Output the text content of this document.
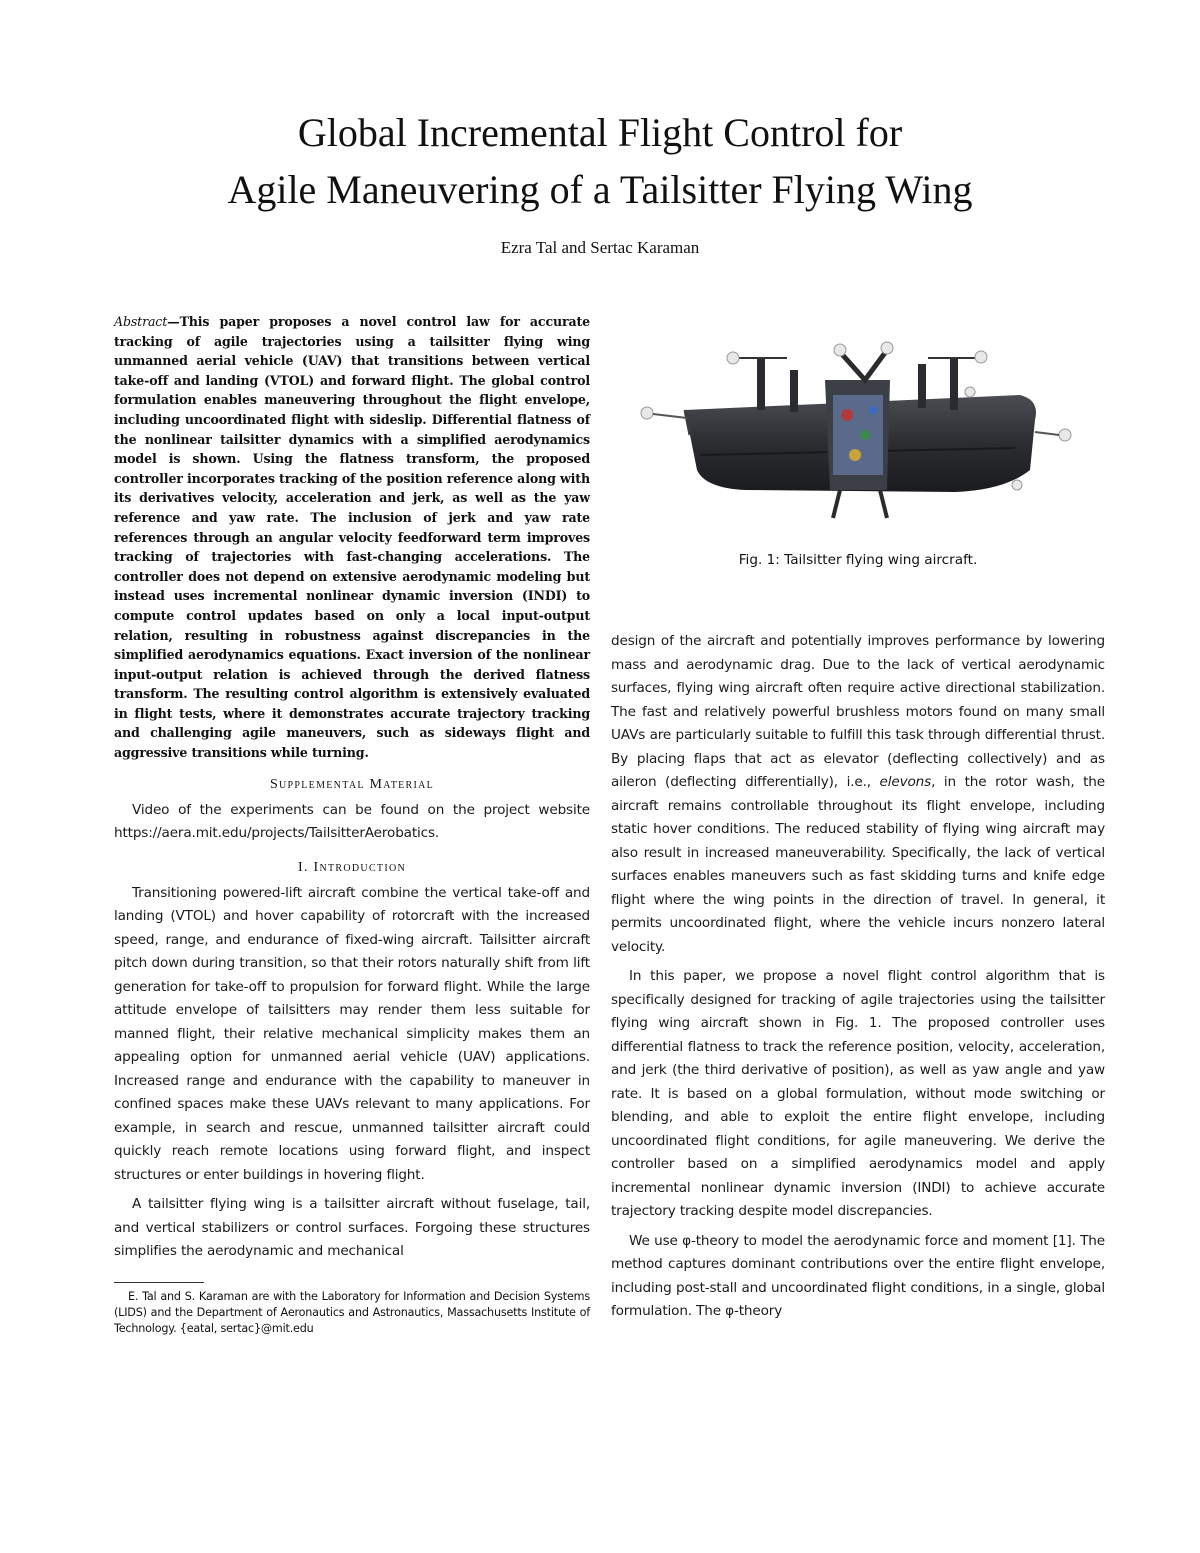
Global Incremental Flight Control for
Agile Maneuvering of a Tailsitter Flying Wing
Ezra Tal and Sertac Karaman

Abstract—This paper proposes a novel control law for accurate tracking of agile trajectories using a tailsitter flying wing unmanned aerial vehicle (UAV) that transitions between vertical take-off and landing (VTOL) and forward flight. The global control formulation enables maneuvering throughout the flight envelope, including uncoordinated flight with sideslip. Differential flatness of the nonlinear tailsitter dynamics with a simplified aerodynamics model is shown. Using the flatness transform, the proposed controller incorporates tracking of the position reference along with its derivatives velocity, acceleration and jerk, as well as the yaw reference and yaw rate. The inclusion of jerk and yaw rate references through an angular velocity feedforward term improves tracking of trajectories with fast-changing accelerations. The controller does not depend on extensive aerodynamic modeling but instead uses incremental nonlinear dynamic inversion (INDI) to compute control updates based on only a local input-output relation, resulting in robustness against discrepancies in the simplified aerodynamics equations. Exact inversion of the nonlinear input-output relation is achieved through the derived flatness transform. The resulting control algorithm is extensively evaluated in flight tests, where it demonstrates accurate trajectory tracking and challenging agile maneuvers, such as sideways flight and aggressive transitions while turning.

Supplemental Material

Video of the experiments can be found on the project website https://aera.mit.edu/projects/TailsitterAerobatics.

I. Introduction

Transitioning powered-lift aircraft combine the vertical take-off and landing (VTOL) and hover capability of rotorcraft with the increased speed, range, and endurance of fixed-wing aircraft. Tailsitter aircraft pitch down during transition, so that their rotors naturally shift from lift generation for take-off to propulsion for forward flight. While the large attitude envelope of tailsitters may render them less suitable for manned flight, their relative mechanical simplicity makes them an appealing option for unmanned aerial vehicle (UAV) applications. Increased range and endurance with the capability to maneuver in confined spaces make these UAVs relevant to many applications. For example, in search and rescue, unmanned tailsitter aircraft could quickly reach remote locations using forward flight, and inspect structures or enter buildings in hovering flight.

A tailsitter flying wing is a tailsitter aircraft without fuselage, tail, and vertical stabilizers or control surfaces. Forgoing these structures simplifies the aerodynamic and mechanical

E. Tal and S. Karaman are with the Laboratory for Information and Decision Systems (LIDS) and the Department of Aeronautics and Astronautics, Massachusetts Institute of Technology. {eatal, sertac}@mit.edu

Fig. 1: Tailsitter flying wing aircraft.

design of the aircraft and potentially improves performance by lowering mass and aerodynamic drag. Due to the lack of vertical aerodynamic surfaces, flying wing aircraft often require active directional stabilization. The fast and relatively powerful brushless motors found on many small UAVs are particularly suitable to fulfill this task through differential thrust. By placing flaps that act as elevator (deflecting collectively) and as aileron (deflecting differentially), i.e., elevons, in the rotor wash, the aircraft remains controllable throughout its flight envelope, including static hover conditions. The reduced stability of flying wing aircraft may also result in increased maneuverability. Specifically, the lack of vertical surfaces enables maneuvers such as fast skidding turns and knife edge flight where the wing points in the direction of travel. In general, it permits uncoordinated flight, where the vehicle incurs nonzero lateral velocity.

In this paper, we propose a novel flight control algorithm that is specifically designed for tracking of agile trajectories using the tailsitter flying wing aircraft shown in Fig. 1. The proposed controller uses differential flatness to track the reference position, velocity, acceleration, and jerk (the third derivative of position), as well as yaw angle and yaw rate. It is based on a global formulation, without mode switching or blending, and able to exploit the entire flight envelope, including uncoordinated flight conditions, for agile maneuvering. We derive the controller based on a simplified aerodynamics model and apply incremental nonlinear dynamic inversion (INDI) to achieve accurate trajectory tracking despite model discrepancies.

We use φ-theory to model the aerodynamic force and moment [1]. The method captures dominant contributions over the entire flight envelope, including post-stall and uncoordinated flight conditions, in a single, global formulation. The φ-theory
